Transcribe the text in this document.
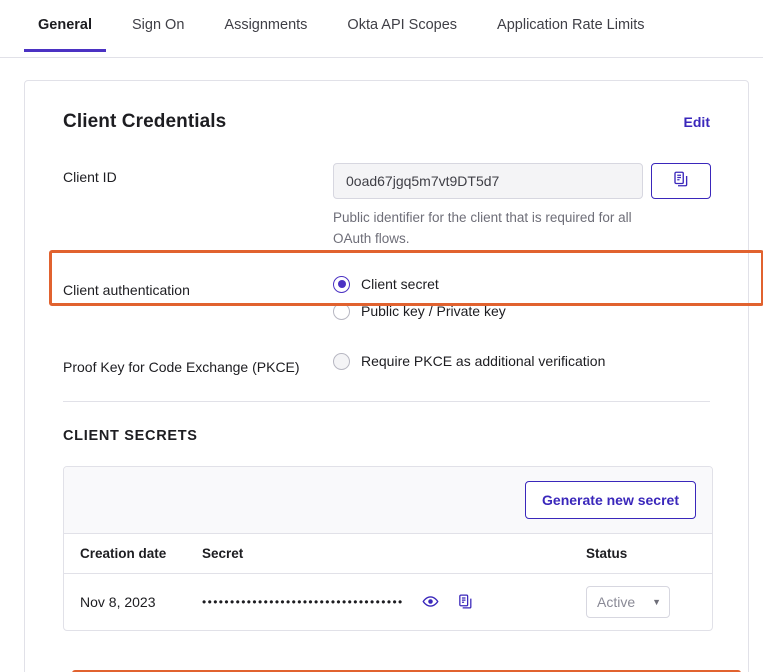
General	Sign On	Assignments	Okta API Scopes	Application Rate Limits
Client Credentials	Edit
Client ID	0oad67jgq5m7vt9DT5d7
Public identifier for the client that is required for all OAuth flows.
Client authentication	Client secret
Public key / Private key
Proof Key for Code Exchange (PKCE)	Require PKCE as additional verification
CLIENT SECRETS
Generate new secret
Creation date	Secret	Status
Nov 8, 2023	••••••••••••••••••••••••••••••••••••	Active ▼
